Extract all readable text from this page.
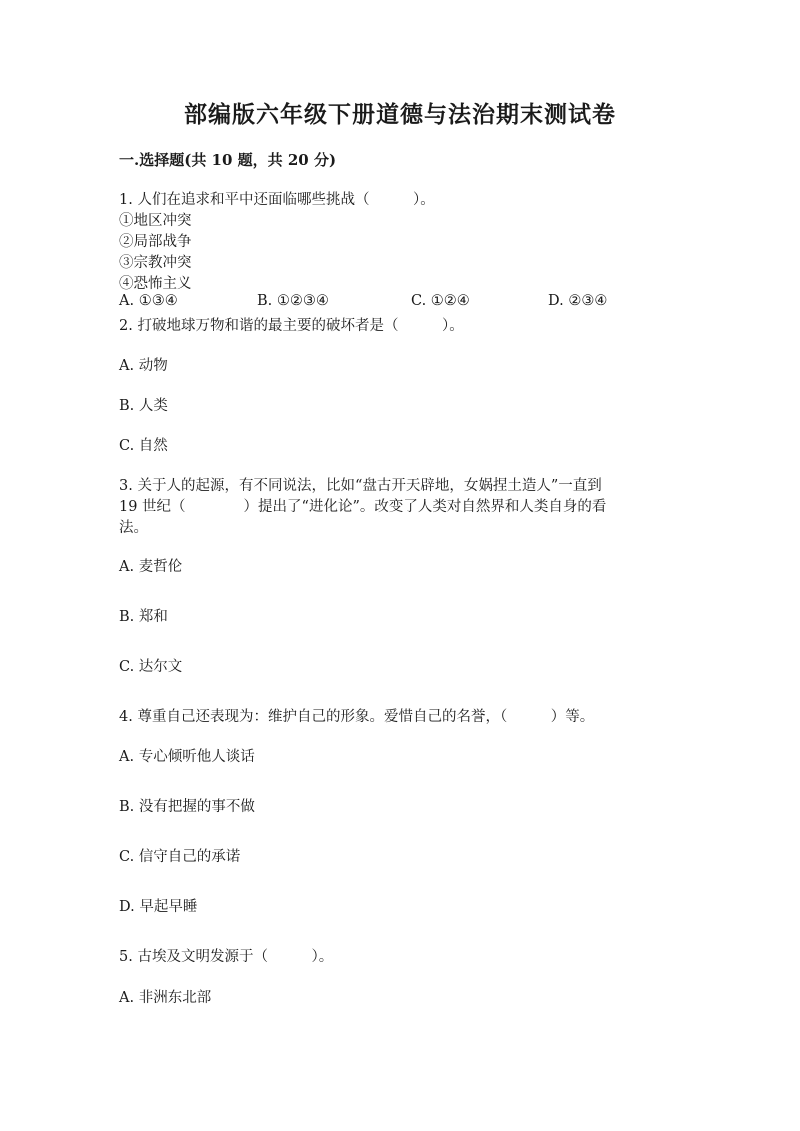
部编版六年级下册道德与法治期末测试卷
一.选择题(共 10 题，共 20 分)
1. 人们在追求和平中还面临哪些挑战（　　　）。
①地区冲突
②局部战争
③宗教冲突
④恐怖主义
A. ①③④	B. ①②③④	C. ①②④	D. ②③④
2. 打破地球万物和谐的最主要的破坏者是（　　　）。
A. 动物
B. 人类
C. 自然
3. 关于人的起源，有不同说法，比如“盘古开天辟地，女娲捏土造人”一直到
19 世纪（　　　　）提出了“进化论”。改变了人类对自然界和人类自身的看
法。
A. 麦哲伦
B. 郑和
C. 达尔文
4. 尊重自己还表现为：维护自己的形象。爱惜自己的名誉，（　　　）等。
A. 专心倾听他人谈话
B. 没有把握的事不做
C. 信守自己的承诺
D. 早起早睡
5. 古埃及文明发源于（　　　）。
A. 非洲东北部
